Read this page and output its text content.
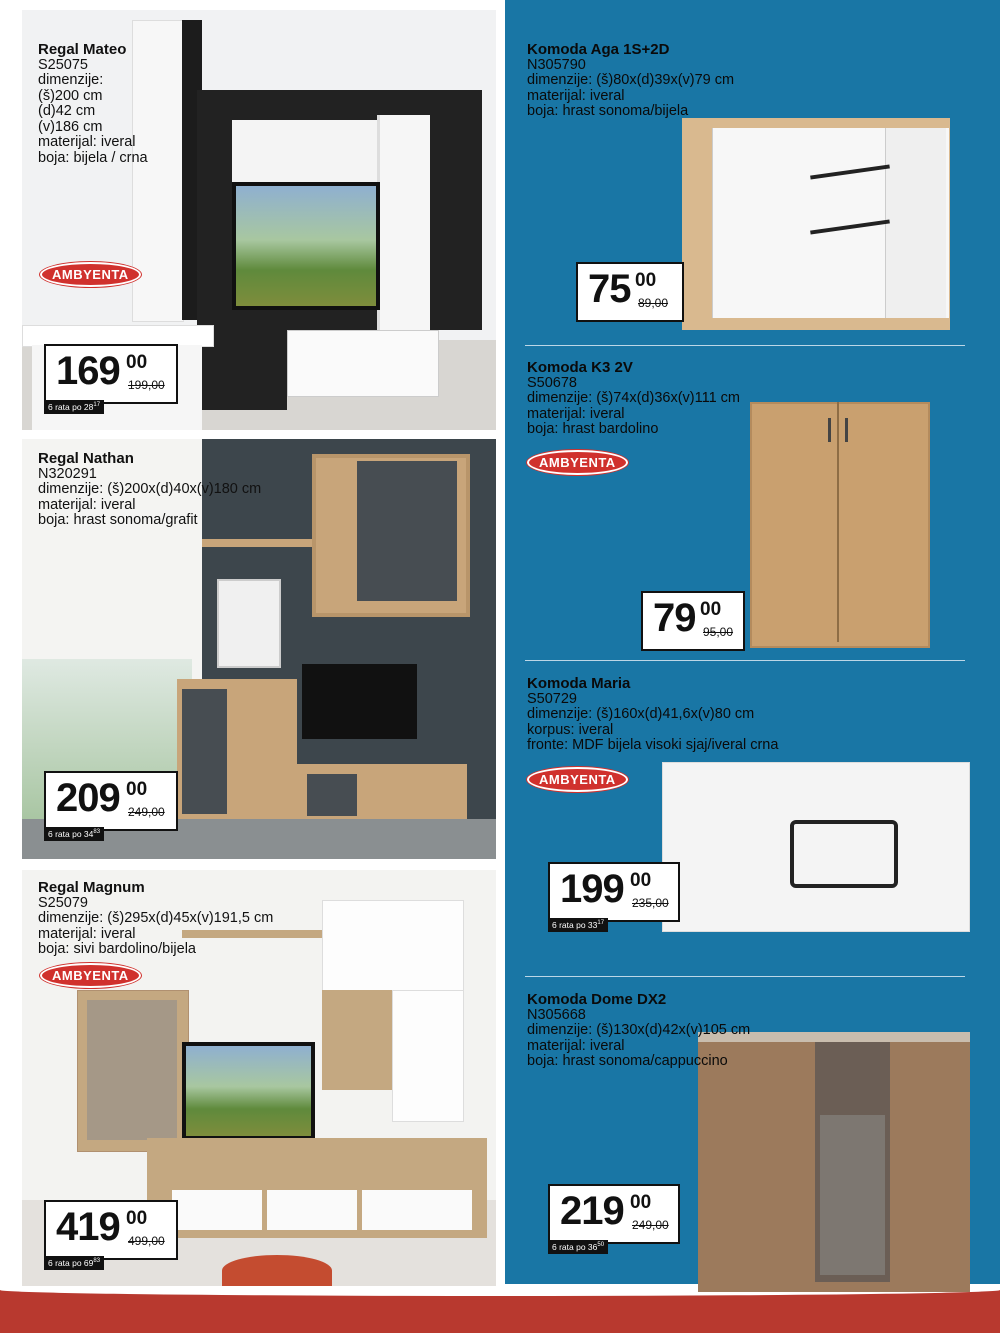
Regal Mateo
S25075
dimenzije:
(š)200 cm
(d)42 cm
(v)186 cm
materijal: iveral
boja: bijela / crna
AMBYENTA
169 00
199,00
6 rata po $28^{17}$
Regal Nathan
N320291
dimenzije: (š)200x(d)40x(v)180 cm
materijal: iveral
boja: hrast sonoma/grafit
209 00
249,00
6 rata po $34^{83}$
Regal Magnum
S25079
dimenzije: (š)295x(d)45x(v)191,5 cm
materijal: iveral
boja: sivi bardolino/bijela
AMBYENTA
419 00
499,00
6 rata po $69^{83}$
Komoda Aga 1S+2D
N305790
dimenzije: (š)80x(d)39x(v)79 cm
materijal: iveral
boja: hrast sonoma/bijela
75 00
89,00
Komoda K3 2V
S50678
dimenzije: (š)74x(d)36x(v)111 cm
materijal: iveral
boja: hrast bardolino
AMBYENTA
79 00
95,00
Komoda Maria
S50729
dimenzije: (š)160x(d)41,6x(v)80 cm
korpus: iveral
fronte: MDF bijela visoki sjaj/iveral crna
AMBYENTA
199 00
235,00
6 rata po $33^{17}$
Komoda Dome DX2
N305668
dimenzije: (š)130x(d)42x(v)105 cm
materijal: iveral
boja: hrast sonoma/cappuccino
219 00
249,00
6 rata po $36^{50}$
